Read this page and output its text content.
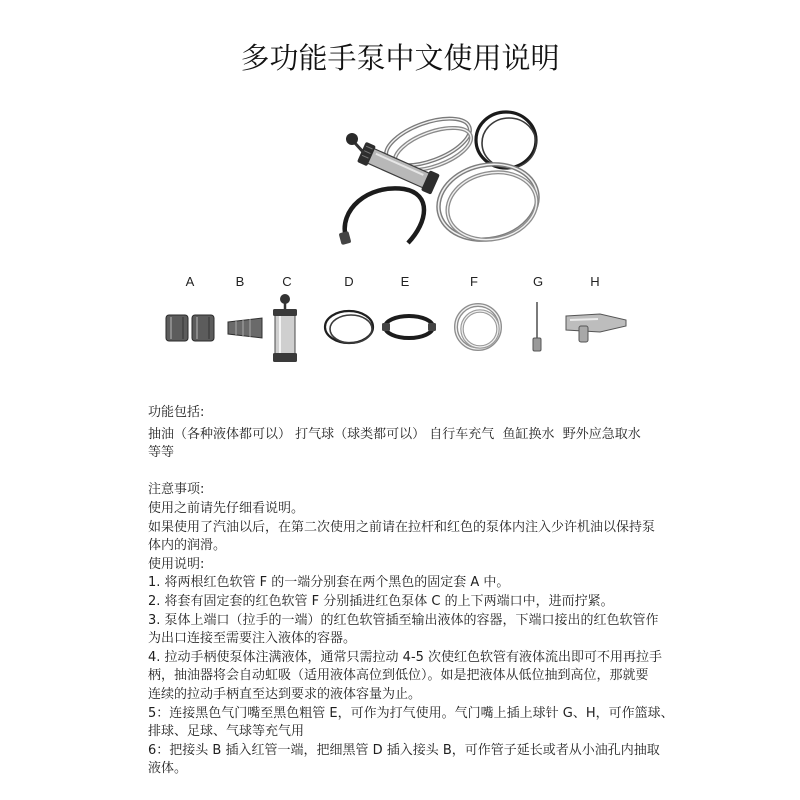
多功能手泵中文使用说明
A	B	C	D	E	F	G	H
功能包括:
抽油（各种液体都可以） 打气球（球类都可以） 自行车充气  鱼缸换水  野外应急取水
等等
注意事项:
使用之前请先仔细看说明。
如果使用了汽油以后，在第二次使用之前请在拉杆和红色的泵体内注入少许机油以保持泵
体内的润滑。
使用说明:
1. 将两根红色软管 F 的一端分别套在两个黑色的固定套 A 中。
2. 将套有固定套的红色软管 F 分别插进红色泵体 C 的上下两端口中，进而拧紧。
3. 泵体上端口（拉手的一端）的红色软管插至输出液体的容器，下端口接出的红色软管作
为出口连接至需要注入液体的容器。
4. 拉动手柄使泵体注满液体，通常只需拉动 4-5 次使红色软管有液体流出即可不用再拉手
柄，抽油器将会自动虹吸（适用液体高位到低位）。如是把液体从低位抽到高位，那就要
连续的拉动手柄直至达到要求的液体容量为止。
5：连接黑色气门嘴至黑色粗管 E，可作为打气使用。气门嘴上插上球针 G、H，可作篮球、
排球、足球、气球等充气用
6：把接头 B 插入红管一端，把细黑管 D 插入接头 B，可作管子延长或者从小油孔内抽取
液体。
